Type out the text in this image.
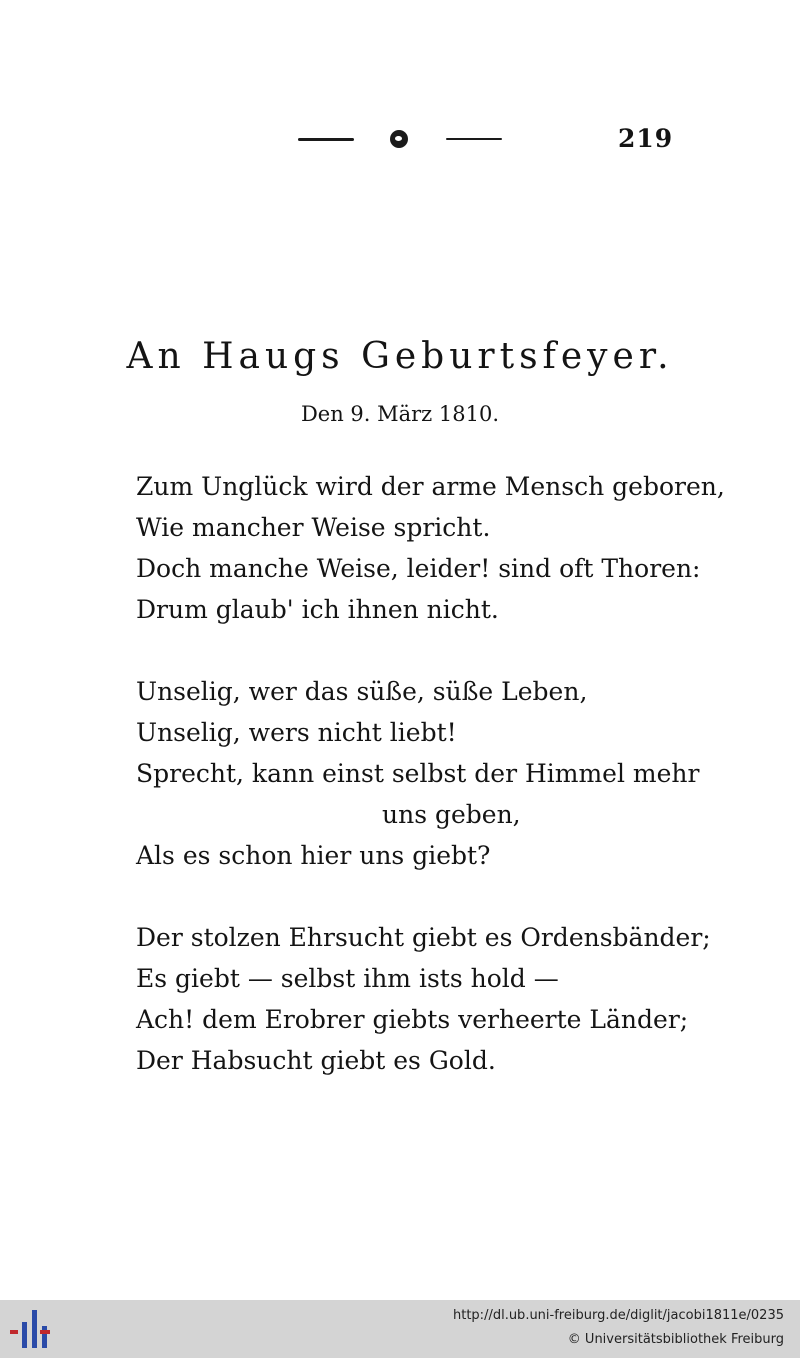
219
An Haugs Geburtsfeyer.
Den 9. März 1810.
Zum Unglück wird der arme Mensch geboren,
Wie mancher Weise spricht.
Doch manche Weise, leider! sind oft Thoren:
Drum glaub' ich ihnen nicht.
Unselig, wer das süße, süße Leben,
Unselig, wers nicht liebt!
Sprecht, kann einst selbst der Himmel mehr
uns geben,
Als es schon hier uns giebt?
Der stolzen Ehrsucht giebt es Ordensbänder;
Es giebt — selbst ihm ists hold —
Ach! dem Erobrer giebts verheerte Länder;
Der Habsucht giebt es Gold.
http://dl.ub.uni-freiburg.de/diglit/jacobi1811e/0235
© Universitätsbibliothek Freiburg
